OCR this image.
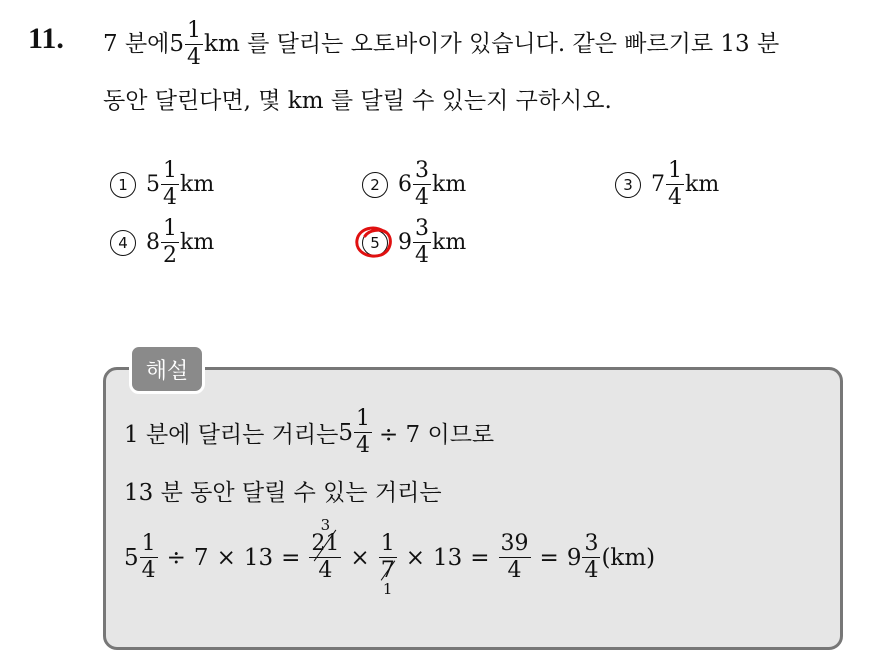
11. 7 분에 $5 \frac{1}{4}$ km 를 달리는 오토바이가 있습니다. 같은 빠르기로 13 분
동안 달린다면, 몇 km 를 달릴 수 있는지 구하시오.
1 $5 \frac{1}{4}$ km	2 $6 \frac{3}{4}$ km	3 $7 \frac{1}{4}$ km
4 $8 \frac{1}{2}$ km	5 $9 \frac{3}{4}$ km
해설
1 분에 달리는 거리는 $5 \frac{1}{4} \div 7$ 이므로
13 분 동안 달릴 수 있는 거리는
$5 \frac{1}{4} \div 7 \times 13$ =
3
21
4 ×
1
7
1
× $13 = \frac{39}{4} = 9 \frac{3}{4} (km)$
